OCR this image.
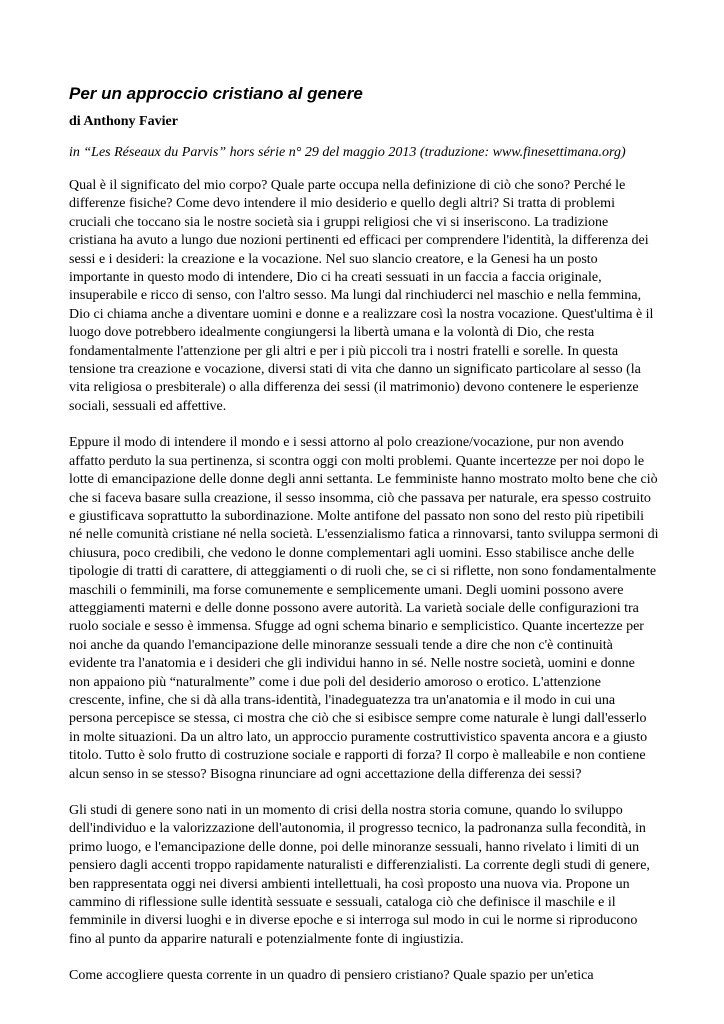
Per un approccio cristiano al genere
di Anthony Favier
in “Les Réseaux du Parvis” hors série n° 29 del maggio 2013 (traduzione: www.finesettimana.org)

Qual è il significato del mio corpo? Quale parte occupa nella definizione di ciò che sono? Perché le differenze fisiche? Come devo intendere il mio desiderio e quello degli altri? Si tratta di problemi cruciali che toccano sia le nostre società sia i gruppi religiosi che vi si inseriscono. La tradizione cristiana ha avuto a lungo due nozioni pertinenti ed efficaci per comprendere l'identità, la differenza dei sessi e i desideri: la creazione e la vocazione. Nel suo slancio creatore, e la Genesi ha un posto importante in questo modo di intendere, Dio ci ha creati sessuati in un faccia a faccia originale, insuperabile e ricco di senso, con l'altro sesso. Ma lungi dal rinchiuderci nel maschio e nella femmina, Dio ci chiama anche a diventare uomini e donne e a realizzare così la nostra vocazione. Quest'ultima è il luogo dove potrebbero idealmente congiungersi la libertà umana e la volontà di Dio, che resta fondamentalmente l'attenzione per gli altri e per i più piccoli tra i nostri fratelli e sorelle. In questa tensione tra creazione e vocazione, diversi stati di vita che danno un significato particolare al sesso (la vita religiosa o presbiterale) o alla differenza dei sessi (il matrimonio) devono contenere le esperienze sociali, sessuali ed affettive.

Eppure il modo di intendere il mondo e i sessi attorno al polo creazione/vocazione, pur non avendo affatto perduto la sua pertinenza, si scontra oggi con molti problemi. Quante incertezze per noi dopo le lotte di emancipazione delle donne degli anni settanta. Le femministe hanno mostrato molto bene che ciò che si faceva basare sulla creazione, il sesso insomma, ciò che passava per naturale, era spesso costruito e giustificava soprattutto la subordinazione. Molte antifone del passato non sono del resto più ripetibili né nelle comunità cristiane né nella società. L'essenzialismo fatica a rinnovarsi, tanto sviluppa sermoni di chiusura, poco credibili, che vedono le donne complementari agli uomini. Esso stabilisce anche delle tipologie di tratti di carattere, di atteggiamenti o di ruoli che, se ci si riflette, non sono fondamentalmente maschili o femminili, ma forse comunemente e semplicemente umani. Degli uomini possono avere atteggiamenti materni e delle donne possono avere autorità. La varietà sociale delle configurazioni tra ruolo sociale e sesso è immensa. Sfugge ad ogni schema binario e semplicistico. Quante incertezze per noi anche da quando l'emancipazione delle minoranze sessuali tende a dire che non c'è continuità evidente tra l'anatomia e i desideri che gli individui hanno in sé. Nelle nostre società, uomini e donne non appaiono più “naturalmente” come i due poli del desiderio amoroso o erotico. L'attenzione crescente, infine, che si dà alla trans-identità, l'inadeguatezza tra un'anatomia e il modo in cui una persona percepisce se stessa, ci mostra che ciò che si esibisce sempre come naturale è lungi dall'esserlo in molte situazioni. Da un altro lato, un approccio puramente costruttivistico spaventa ancora e a giusto titolo. Tutto è solo frutto di costruzione sociale e rapporti di forza? Il corpo è malleabile e non contiene alcun senso in se stesso? Bisogna rinunciare ad ogni accettazione della differenza dei sessi?

Gli studi di genere sono nati in un momento di crisi della nostra storia comune, quando lo sviluppo dell'individuo e la valorizzazione dell'autonomia, il progresso tecnico, la padronanza sulla fecondità, in primo luogo, e l'emancipazione delle donne, poi delle minoranze sessuali, hanno rivelato i limiti di un pensiero dagli accenti troppo rapidamente naturalisti e differenzialisti. La corrente degli studi di genere, ben rappresentata oggi nei diversi ambienti intellettuali, ha così proposto una nuova via. Propone un cammino di riflessione sulle identità sessuate e sessuali, cataloga ciò che definisce il maschile e il femminile in diversi luoghi e in diverse epoche e si interroga sul modo in cui le norme si riproducono fino al punto da apparire naturali e potenzialmente fonte di ingiustizia.

Come accogliere questa corrente in un quadro di pensiero cristiano? Quale spazio per un'etica
